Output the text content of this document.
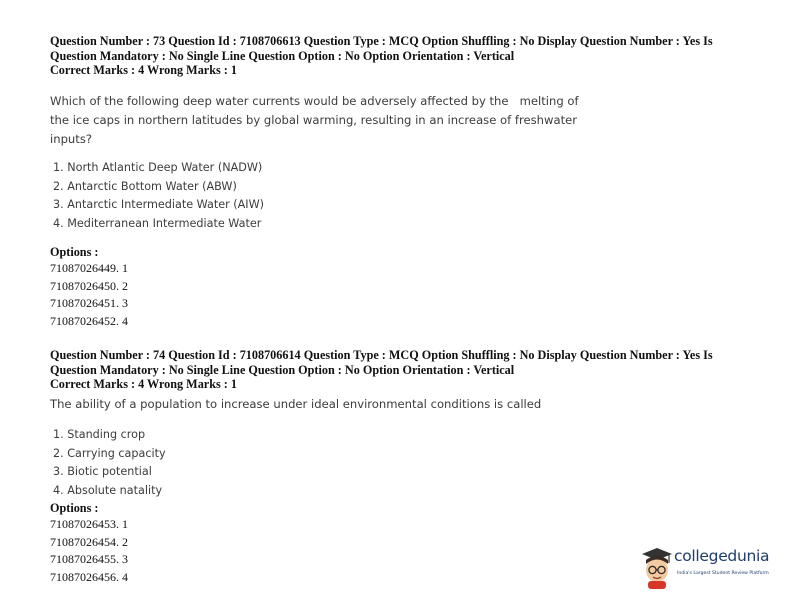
Question Number : 73 Question Id : 7108706613 Question Type : MCQ Option Shuffling : No Display Question Number : Yes Is
Question Mandatory : No Single Line Question Option : No Option Orientation : Vertical
Correct Marks : 4 Wrong Marks : 1
Which of the following deep water currents would be adversely affected by the   melting of
the ice caps in northern latitudes by global warming, resulting in an increase of freshwater
inputs?
1. North Atlantic Deep Water (NADW)
2. Antarctic Bottom Water (ABW)
3. Antarctic Intermediate Water (AIW)
4. Mediterranean Intermediate Water
Options :
71087026449. 1
71087026450. 2
71087026451. 3
71087026452. 4
Question Number : 74 Question Id : 7108706614 Question Type : MCQ Option Shuffling : No Display Question Number : Yes Is
Question Mandatory : No Single Line Question Option : No Option Orientation : Vertical
Correct Marks : 4 Wrong Marks : 1
The ability of a population to increase under ideal environmental conditions is called
1. Standing crop
2. Carrying capacity
3. Biotic potential
4. Absolute natality
Options :
71087026453. 1
71087026454. 2
71087026455. 3
71087026456. 4
collegedunia
India's Largest Student Review Platform
